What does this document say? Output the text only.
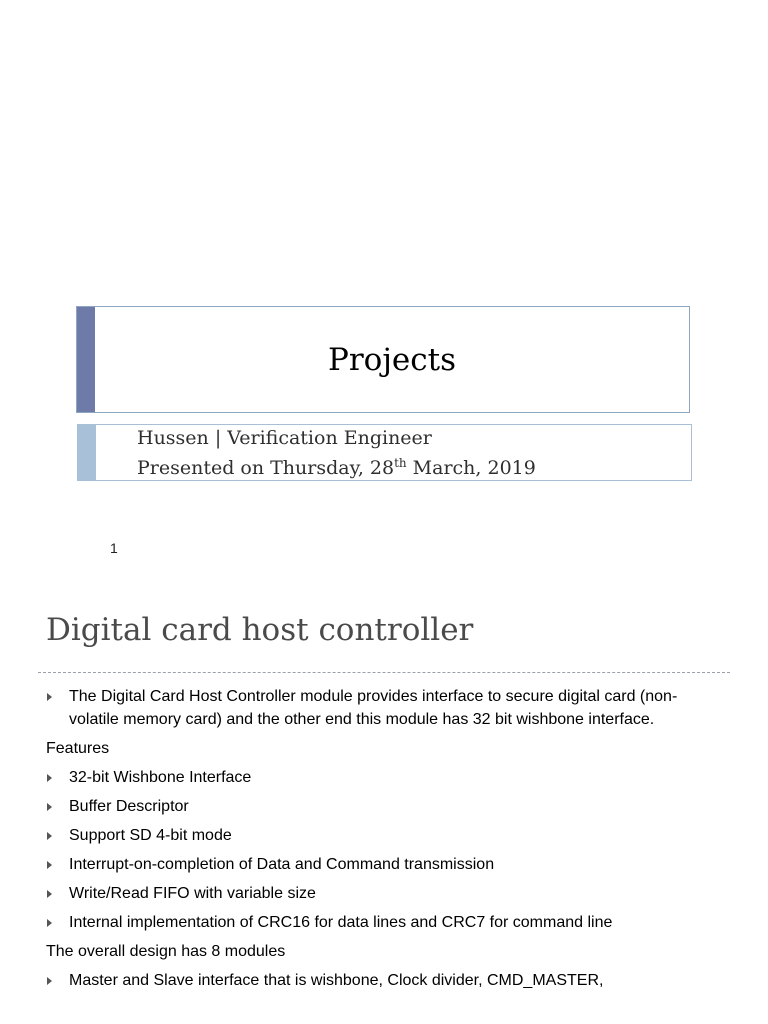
Projects
Hussen | Verification Engineer
Presented on Thursday, 28th March, 2019
1
Digital card host controller
The Digital Card Host Controller module provides interface to secure digital card (non-volatile memory card) and the other end this module has 32 bit wishbone interface.
Features
32-bit Wishbone Interface
Buffer Descriptor
Support SD 4-bit mode
Interrupt-on-completion of Data and Command transmission
Write/Read FIFO with variable size
Internal implementation of CRC16 for data lines and CRC7 for command line
The overall design has 8 modules
Master and Slave interface that is wishbone, Clock divider, CMD_MASTER,
